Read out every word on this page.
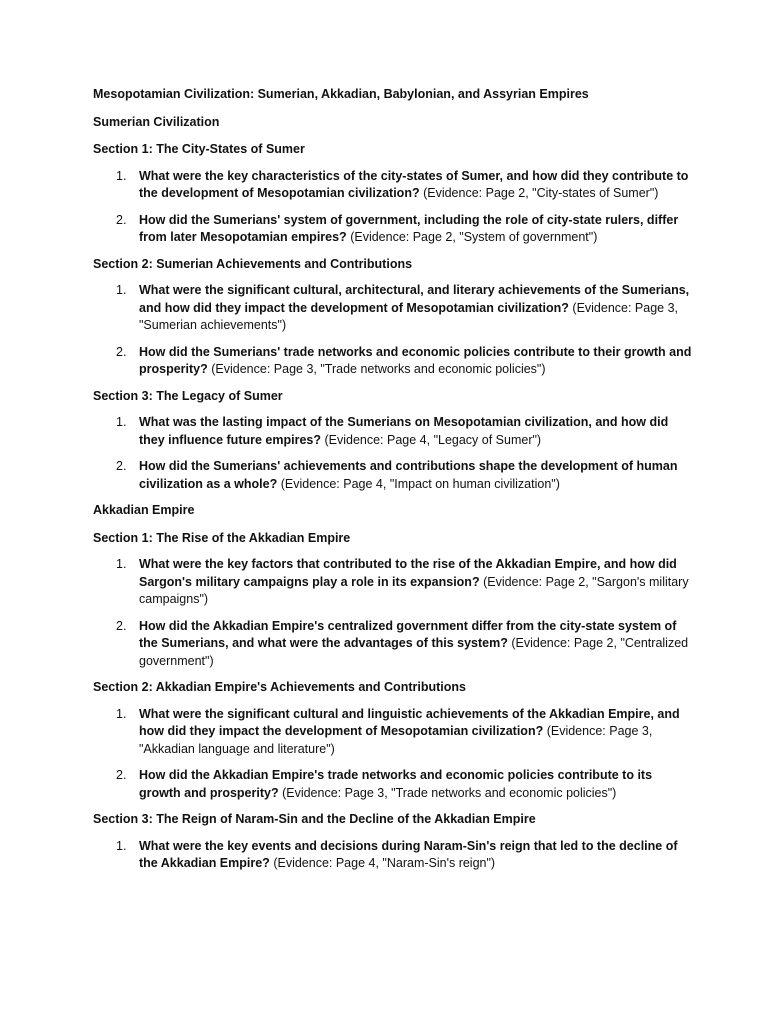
Mesopotamian Civilization: Sumerian, Akkadian, Babylonian, and Assyrian Empires

Sumerian Civilization

Section 1: The City-States of Sumer

1. What were the key characteristics of the city-states of Sumer, and how did they contribute to the development of Mesopotamian civilization? (Evidence: Page 2, "City-states of Sumer")
2. How did the Sumerians' system of government, including the role of city-state rulers, differ from later Mesopotamian empires? (Evidence: Page 2, "System of government")

Section 2: Sumerian Achievements and Contributions

1. What were the significant cultural, architectural, and literary achievements of the Sumerians, and how did they impact the development of Mesopotamian civilization? (Evidence: Page 3, "Sumerian achievements")
2. How did the Sumerians' trade networks and economic policies contribute to their growth and prosperity? (Evidence: Page 3, "Trade networks and economic policies")

Section 3: The Legacy of Sumer

1. What was the lasting impact of the Sumerians on Mesopotamian civilization, and how did they influence future empires? (Evidence: Page 4, "Legacy of Sumer")
2. How did the Sumerians' achievements and contributions shape the development of human civilization as a whole? (Evidence: Page 4, "Impact on human civilization")

Akkadian Empire

Section 1: The Rise of the Akkadian Empire

1. What were the key factors that contributed to the rise of the Akkadian Empire, and how did Sargon's military campaigns play a role in its expansion? (Evidence: Page 2, "Sargon's military campaigns")
2. How did the Akkadian Empire's centralized government differ from the city-state system of the Sumerians, and what were the advantages of this system? (Evidence: Page 2, "Centralized government")

Section 2: Akkadian Empire's Achievements and Contributions

1. What were the significant cultural and linguistic achievements of the Akkadian Empire, and how did they impact the development of Mesopotamian civilization? (Evidence: Page 3, "Akkadian language and literature")
2. How did the Akkadian Empire's trade networks and economic policies contribute to its growth and prosperity? (Evidence: Page 3, "Trade networks and economic policies")

Section 3: The Reign of Naram-Sin and the Decline of the Akkadian Empire

1. What were the key events and decisions during Naram-Sin's reign that led to the decline of the Akkadian Empire? (Evidence: Page 4, "Naram-Sin's reign")
